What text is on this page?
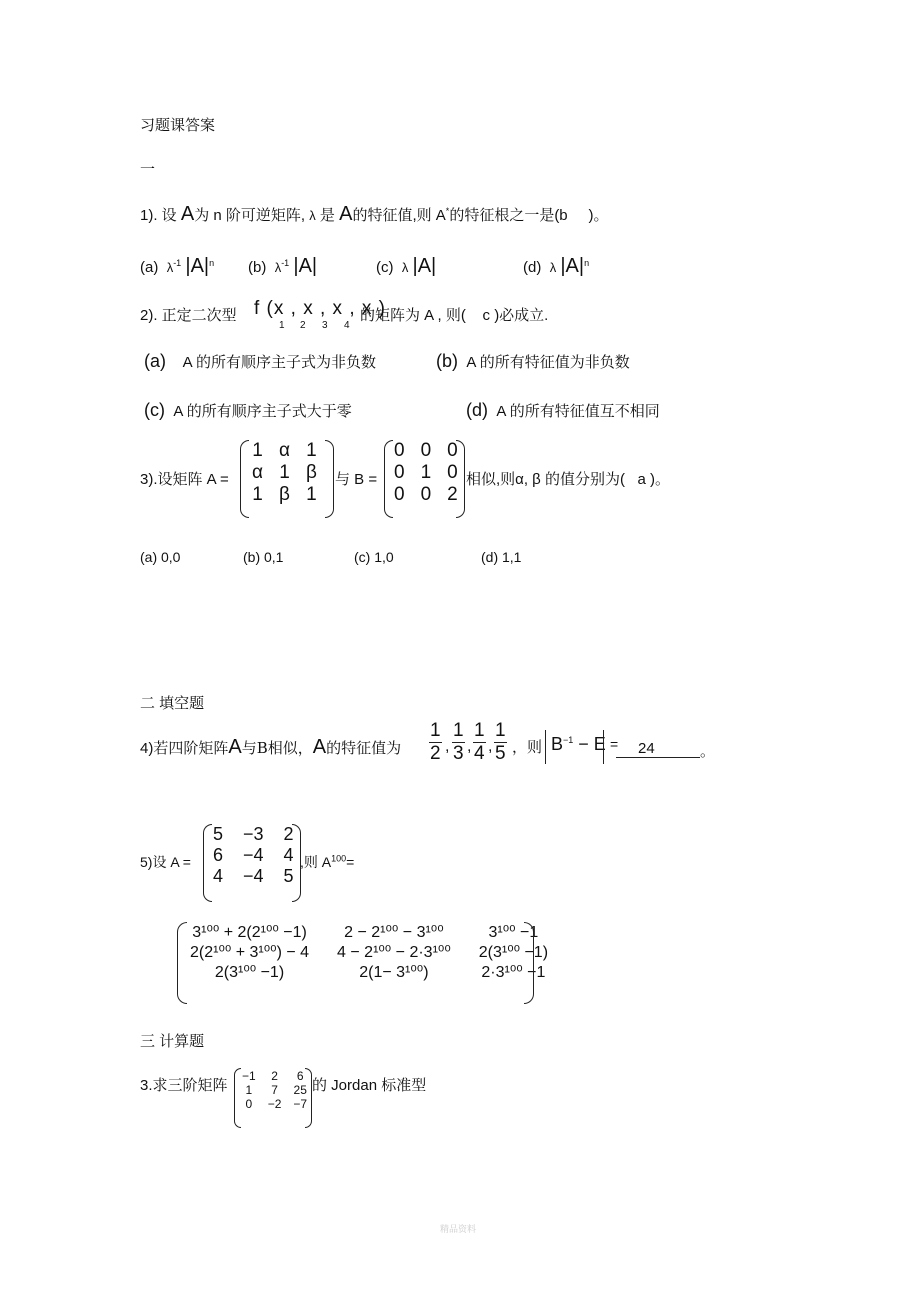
习题课答案
一
1). 设 A为 n 阶可逆矩阵, λ 是 A的特征值,则 A*的特征根之一是(b )。
(a) $\lambda^{-1}$ $|A|^n$ (b) $\lambda^{-1}$ |A|	(c) λ |A|	(d) λ $|A|^n$
2). 正定二次型 f (x , x , x , x )
1 2 3 4
的矩阵为 A , 则( c )必成立.
(a) A 的所有顺序主子式为非负数	(b) A 的所有特征值为非负数
(c) A 的所有顺序主子式大于零	(d) A 的所有特征值互不相同
3).设矩阵 A =
1	α	1
α	1	β
1	β	1
与 B =
0	0	0
0	1	0
0	0	2
相似,则α, β 的值分别为( a )。
(a) 0,0	(b) 0,1	(c) 1,0	(d) 1,1
二 填空题
4)若四阶矩阵A与B相似，A的特征值为 $\frac{1}{2}$ , $\frac{1}{3}$ , $\frac{1}{4}$ , $\frac{1}{5}$ ，则 $B^{-1} - E = 24$	。
5)设 A =
5	−3	2
6	−4	4
4	−4	5
,则 $A^{100}=$
3¹⁰⁰ + 2(2¹⁰⁰ −1)	2 − 2¹⁰⁰ − 3¹⁰⁰	3¹⁰⁰ −1
2(2¹⁰⁰ + 3¹⁰⁰) − 4	4 − 2¹⁰⁰ − 2·3¹⁰⁰	2(3¹⁰⁰ −1)
2(3¹⁰⁰ −1)	2(1− 3¹⁰⁰)	2·3¹⁰⁰ −1
三 计算题
3.求三阶矩阵
−1	2	6
1	7	25
0	−2	−7
的 Jordan 标准型
精品资料
